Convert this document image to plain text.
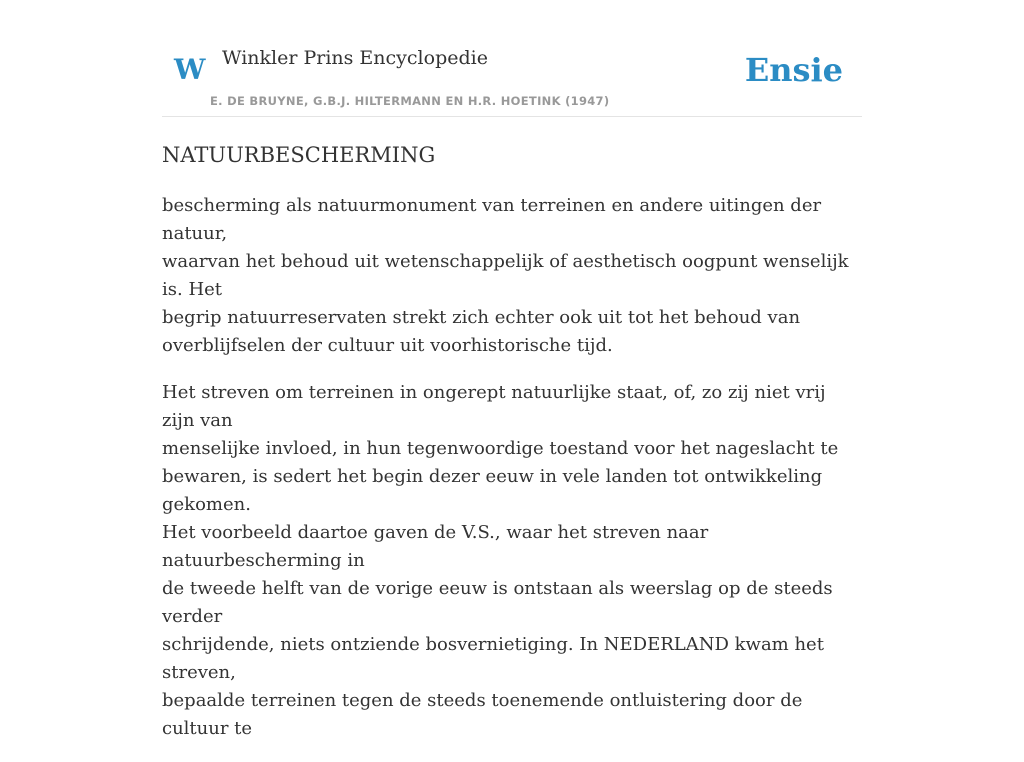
W Winkler Prins Encyclopedie
E. DE BRUYNE, G.B.J. HILTERMANN EN H.R. HOETINK (1947)
Ensie
NATUURBESCHERMING

bescherming als natuurmonument van terreinen en andere uitingen der natuur,
waarvan het behoud uit wetenschappelijk of aesthetisch oogpunt wenselijk is. Het
begrip natuurreservaten strekt zich echter ook uit tot het behoud van
overblijfselen der cultuur uit voorhistorische tijd.

Het streven om terreinen in ongerept natuurlijke staat, of, zo zij niet vrij zijn van
menselijke invloed, in hun tegenwoordige toestand voor het nageslacht te
bewaren, is sedert het begin dezer eeuw in vele landen tot ontwikkeling gekomen.
Het voorbeeld daartoe gaven de V.S., waar het streven naar natuurbescherming in
de tweede helft van de vorige eeuw is ontstaan als weerslag op de steeds verder
schrijdende, niets ontziende bosvernietiging. In NEDERLAND kwam het streven,
bepaalde terreinen tegen de steeds toenemende ontluistering door de cultuur te
